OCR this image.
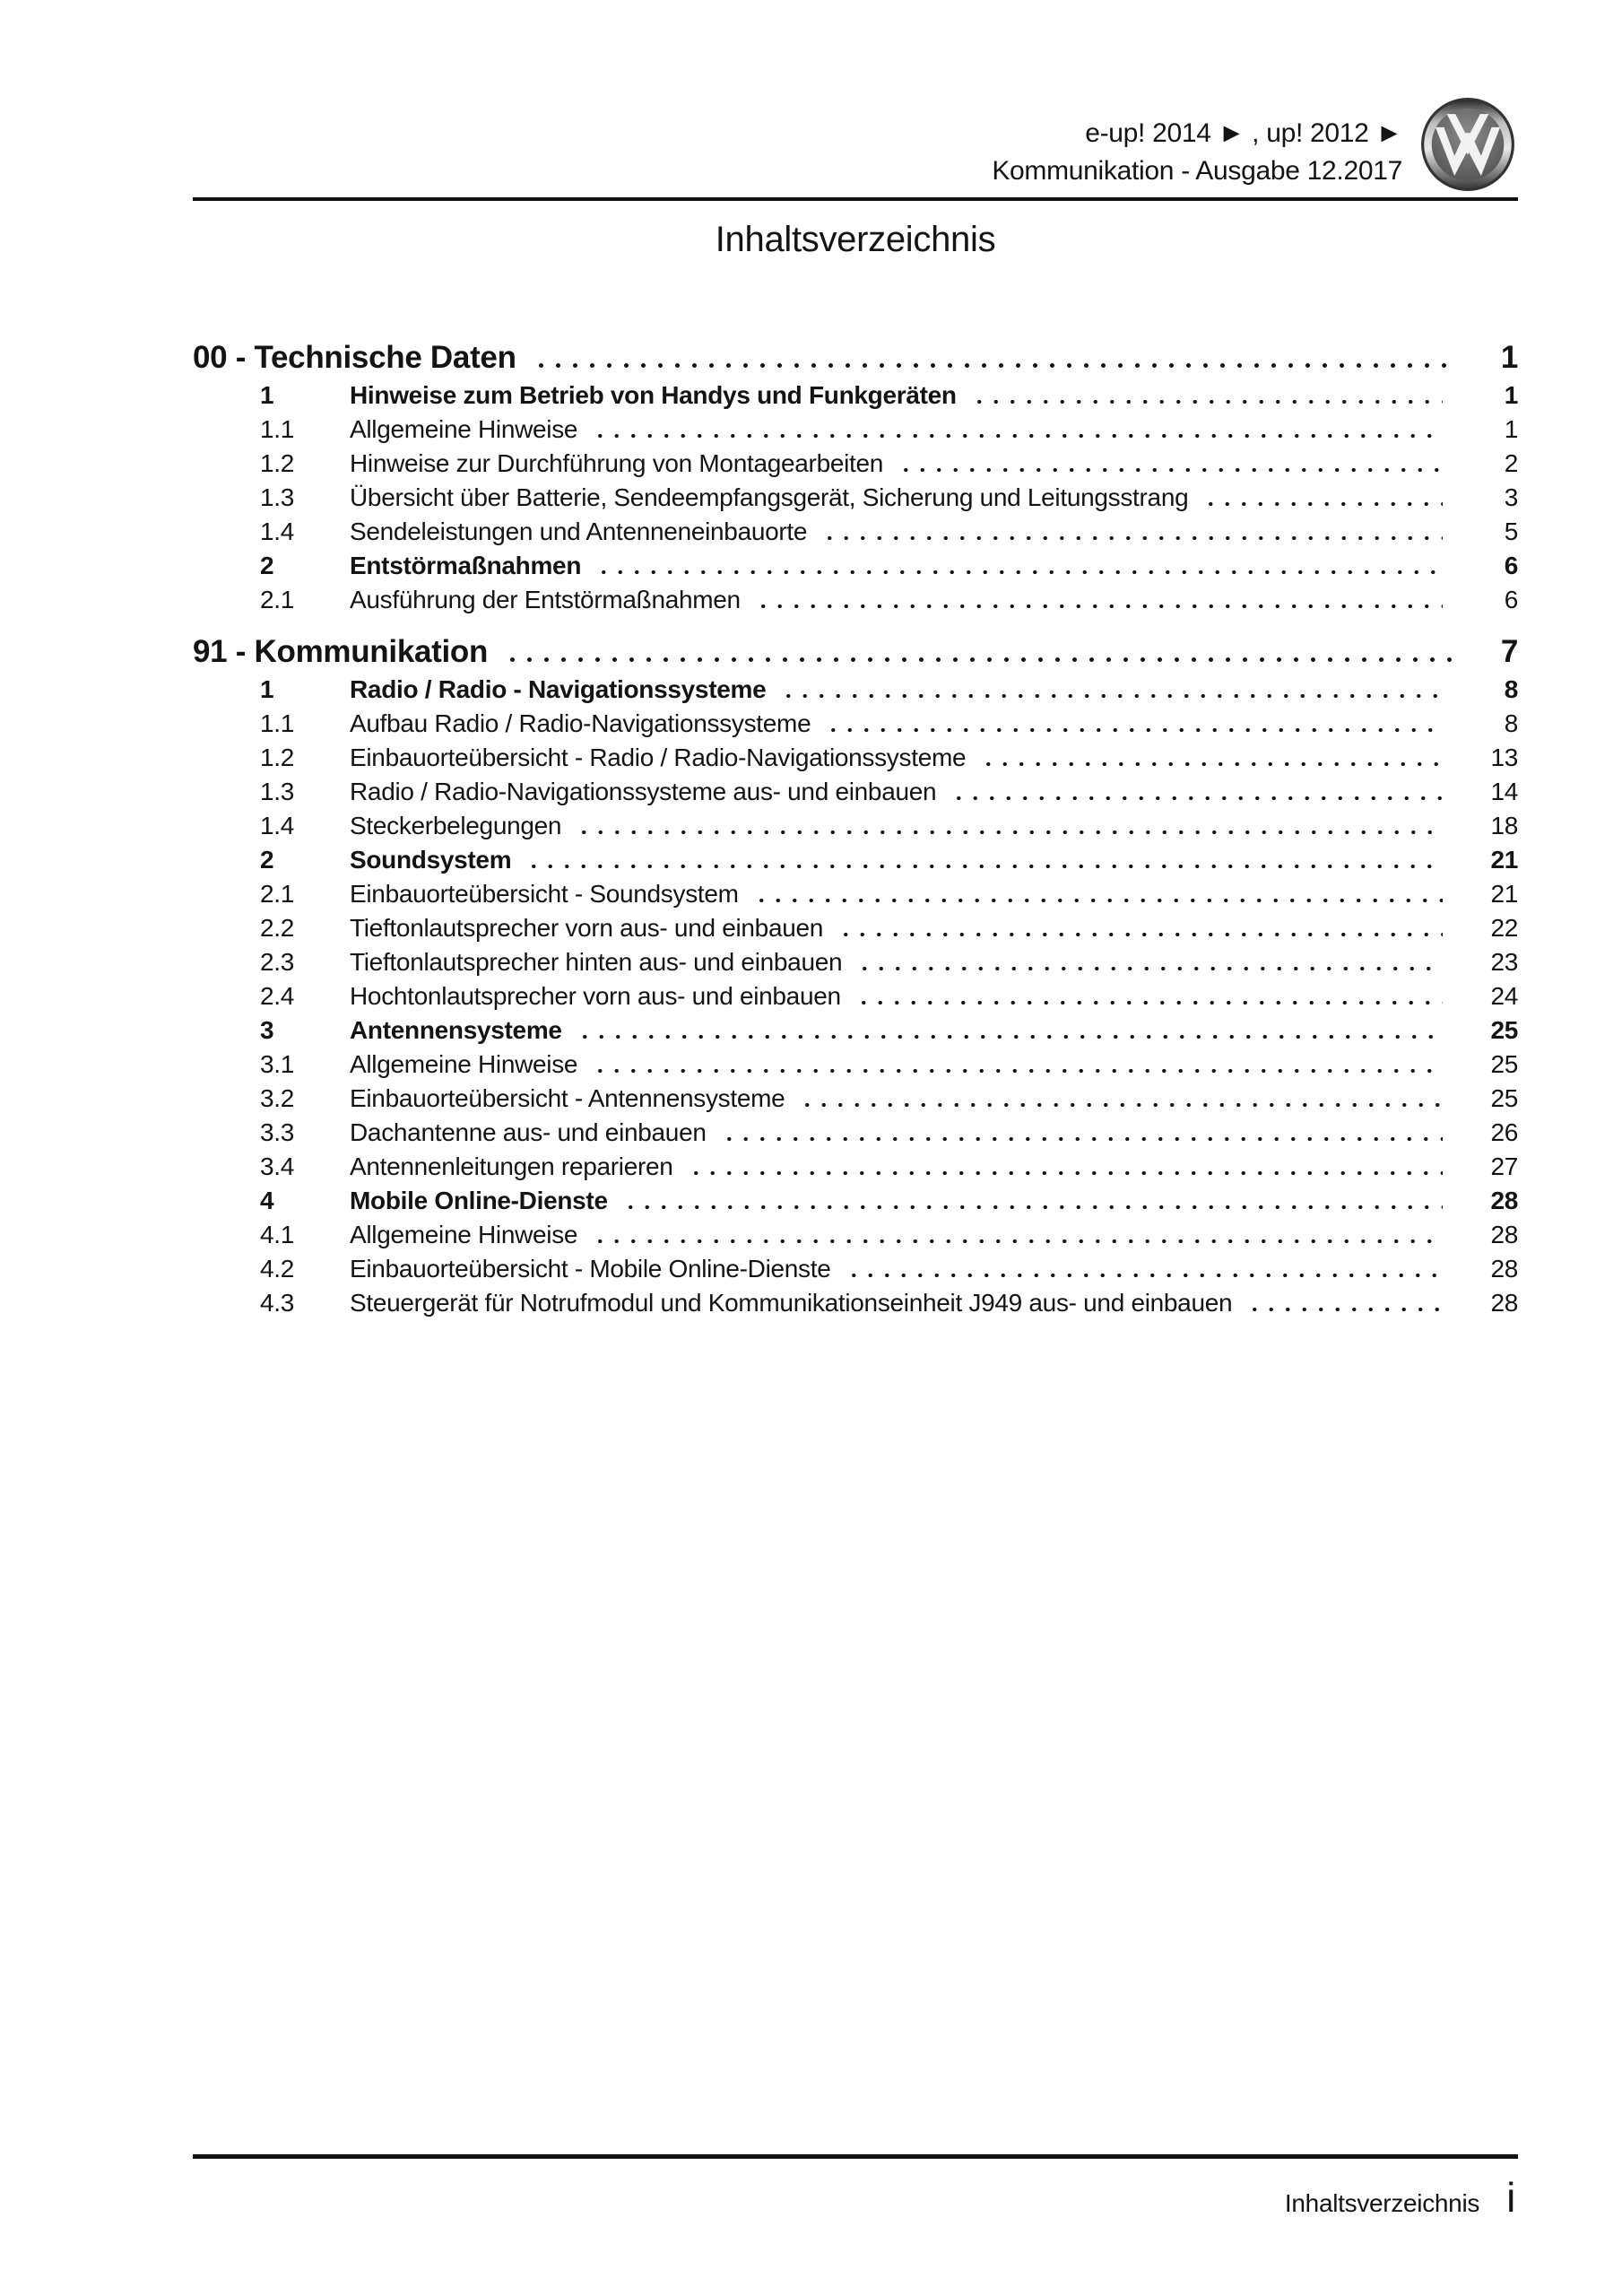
e-up! 2014 ► , up! 2012 ►
Kommunikation - Ausgabe 12.2017
Inhaltsverzeichnis
00 - Technische Daten	1
1	Hinweise zum Betrieb von Handys und Funkgeräten	1
1.1	Allgemeine Hinweise	1
1.2	Hinweise zur Durchführung von Montagearbeiten	2
1.3	Übersicht über Batterie, Sendeempfangsgerät, Sicherung und Leitungsstrang	3
1.4	Sendeleistungen und Antenneneinbauorte	5
2	Entstörmaßnahmen	6
2.1	Ausführung der Entstörmaßnahmen	6
91 - Kommunikation	7
1	Radio / Radio - Navigationssysteme	8
1.1	Aufbau Radio / Radio-Navigationssysteme	8
1.2	Einbauorteübersicht - Radio / Radio-Navigationssysteme	13
1.3	Radio / Radio-Navigationssysteme aus- und einbauen	14
1.4	Steckerbelegungen	18
2	Soundsystem	21
2.1	Einbauorteübersicht - Soundsystem	21
2.2	Tieftonlautsprecher vorn aus- und einbauen	22
2.3	Tieftonlautsprecher hinten aus- und einbauen	23
2.4	Hochtonlautsprecher vorn aus- und einbauen	24
3	Antennensysteme	25
3.1	Allgemeine Hinweise	25
3.2	Einbauorteübersicht - Antennensysteme	25
3.3	Dachantenne aus- und einbauen	26
3.4	Antennenleitungen reparieren	27
4	Mobile Online-Dienste	28
4.1	Allgemeine Hinweise	28
4.2	Einbauorteübersicht - Mobile Online-Dienste	28
4.3	Steuergerät für Notrufmodul und Kommunikationseinheit J949 aus- und einbauen	28
Inhaltsverzeichnis i
